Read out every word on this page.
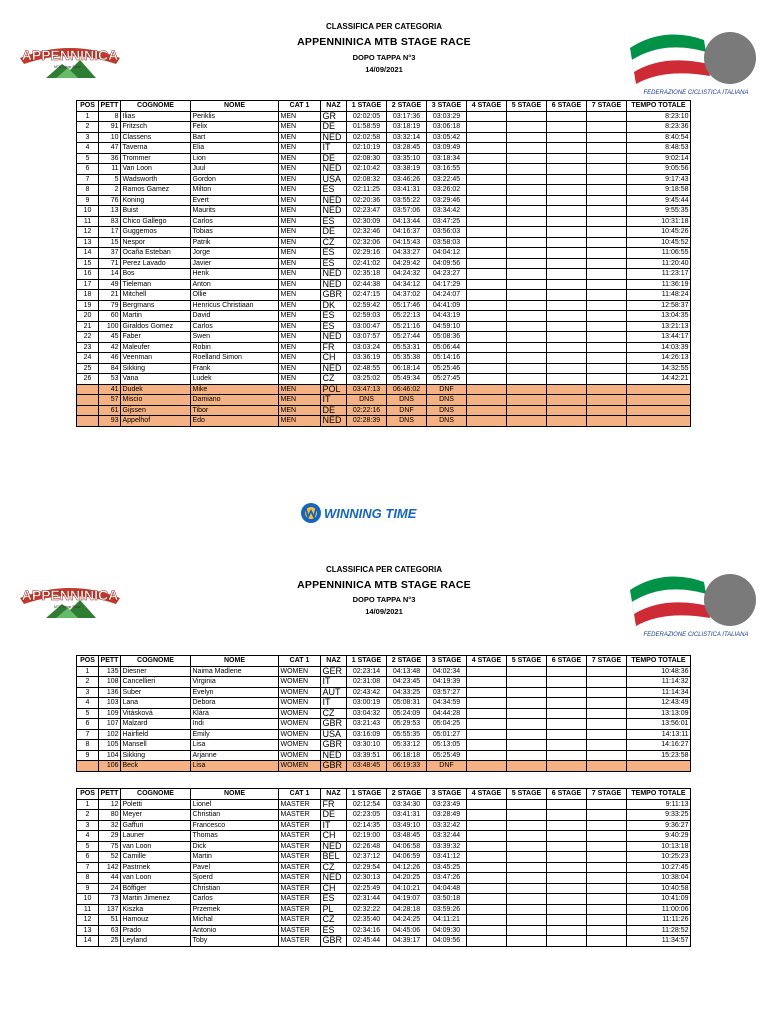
CLASSIFICA PER CATEGORIA
APPENNINICA MTB STAGE RACE
DOPO TAPPA N°3
14/09/2021
APPENNINICA
MTB Stage Race
FEDERAZIONE CICLISTICA ITALIANA
POS	PETT	COGNOME	NOME	CAT 1	NAZ	1 STAGE	2 STAGE	3 STAGE	4 STAGE	5 STAGE	6 STAGE	7 STAGE	TEMPO TOTALE
1	8	Ilias	Periklis	MEN	GR	02:02:05	03:17:36	03:03:29					8:23:10
2	91	Fritzsch	Felix	MEN	DE	01:58:59	03:18:19	03:06:18					8:23:36
3	10	Classens	Bart	MEN	NED	02:02:58	03:32:14	03:05:42					8:40:54
4	47	Taverna	Elia	MEN	IT	02:10:19	03:28:45	03:09:49					8:48:53
5	36	Trommer	Lion	MEN	DE	02:08:30	03:35:10	03:18:34					9:02:14
6	11	Van Loon	Juul	MEN	NED	02:10:42	03:38:19	03:16:55					9:05:56
7	5	Wadsworth	Gordon	MEN	USA	02:08:32	03:46:26	03:22:45					9:17:43
8	2	Ramos Gamez	Milton	MEN	ES	02:11:25	03:41:31	03:26:02					9:18:58
9	76	Koning	Evert	MEN	NED	02:20:36	03:55:22	03:29:46					9:45:44
10	13	Buist	Maurits	MEN	NED	02:23:47	03:57:06	03:34:42					9:55:35
11	83	Chico Gallego	Carlos	MEN	ES	02:30:09	04:13:44	03:47:25					10:31:18
12	17	Guggemos	Tobias	MEN	DE	02:32:46	04:16:37	03:56:03					10:45:26
13	15	Nespor	Patrik	MEN	CZ	02:32:06	04:15:43	03:58:03					10:45:52
14	37	Ocaña Esteban	Jorge	MEN	ES	02:29:16	04:33:27	04:04:12					11:06:55
15	71	Perez Lavado	Javier	MEN	ES	02:41:02	04:29:42	04:09:56					11:20:40
16	14	Bos	Henk	MEN	NED	02:35:18	04:24:32	04:23:27					11:23:17
17	49	Tieleman	Anton	MEN	NED	02:44:38	04:34:12	04:17:29					11:36:19
18	21	Mitchell	Ollie	MEN	GBR	02:47:15	04:37:02	04:24:07					11:48:24
19	79	Bergmans	Henricus Christiaan	MEN	DK	02:59:42	05:17:46	04:41:09					12:58:37
20	60	Martin	David	MEN	ES	02:59:03	05:22:13	04:43:19					13:04:35
21	100	Giraldos Gomez	Carlos	MEN	ES	03:00:47	05:21:16	04:59:10					13:21:13
22	45	Faber	Swen	MEN	NED	03:07:57	05:27:44	05:08:36					13:44:17
23	42	Maleufer	Robin	MEN	FR	03:03:24	05:53:31	05:06:44					14:03:39
24	46	Veenman	Roelland Simon	MEN	CH	03:36:19	05:35:38	05:14:16					14:26:13
25	84	Sikking	Frank	MEN	NED	02:48:55	06:18:14	05:25:46					14:32:55
26	53	Vana	Ludek	MEN	CZ	03:25:02	05:49:34	05:27:45					14:42:21
	41	Dudek	Mike	MEN	POL	03:47:13	06:46:02	DNF					
	57	Miscio	Damiano	MEN	IT	DNS	DNS	DNS					
	61	Gijssen	Tibor	MEN	DE	02:22:16	DNF	DNS					
	93	Appelhof	Edo	MEN	NED	02:28:39	DNS	DNS					
WINNING TIME
CLASSIFICA PER CATEGORIA
APPENNINICA MTB STAGE RACE
DOPO TAPPA N°3
14/09/2021
APPENNINICA
MTB Stage Race
FEDERAZIONE CICLISTICA ITALIANA
POS	PETT	COGNOME	NOME	CAT 1	NAZ	1 STAGE	2 STAGE	3 STAGE	4 STAGE	5 STAGE	6 STAGE	7 STAGE	TEMPO TOTALE
1	135	Diesner	Naima Madlene	WOMEN	GER	02:23:14	04:13:48	04:02:34					10:48:36
2	108	Cancellieri	Virginia	WOMEN	IT	02:31:08	04:23:45	04:19:39					11:14:32
3	136	Suber	Evelyn	WOMEN	AUT	02:43:42	04:33:25	03:57:27					11:14:34
4	103	Lana	Debora	WOMEN	IT	03:00:19	05:08:31	04:34:59					12:43:49
5	109	Vitásková	Klára	WOMEN	CZ	03:04:32	05:24:09	04:44:28					13:13:09
6	107	Malzard	Indi	WOMEN	GBR	03:21:43	05:29:53	05:04:25					13:56:01
7	102	Hairfield	Emily	WOMEN	USA	03:16:09	05:55:35	05:01:27					14:13:11
8	105	Mansell	Lisa	WOMEN	GBR	03:30:10	05:33:12	05:13:05					14:16:27
9	104	Sikking	Arjanne	WOMEN	NED	03:39:51	06:18:18	05:25:49					15:23:58
	106	Beck	Lisa	WOMEN	GBR	03:48:45	06:19:33	DNF					
POS	PETT	COGNOME	NOME	CAT 1	NAZ	1 STAGE	2 STAGE	3 STAGE	4 STAGE	5 STAGE	6 STAGE	7 STAGE	TEMPO TOTALE
1	12	Poletti	Lionel	MASTER	FR	02:12:54	03:34:30	03:23:49					9:11:13
2	80	Meyer	Christian	MASTER	DE	02:23:05	03:41:31	03:28:49					9:33:25
3	32	Gaffuri	Francesco	MASTER	IT	02:14:35	03:49:10	03:32:42					9:36:27
4	29	Launer	Thomas	MASTER	CH	02:19:00	03:48:45	03:32:44					9:40:29
5	75	van Loon	Dick	MASTER	NED	02:26:48	04:06:58	03:39:32					10:13:18
6	52	Camille	Martin	MASTER	BEL	02:37:12	04:06:59	03:41:12					10:25:23
7	142	Pastrnek	Pavel	MASTER	CZ	02:29:54	04:12:26	03:45:25					10:27:45
8	44	van Loon	Sjoerd	MASTER	NED	02:30:13	04:20:25	03:47:26					10:38:04
9	24	Böffiger	Christian	MASTER	CH	02:25:49	04:10:21	04:04:48					10:40:58
10	73	Martin Jimenez	Carlos	MASTER	ES	02:31:44	04:19:07	03:50:18					10:41:09
11	137	Kiszka	Przemek	MASTER	PL	02:32:22	04:28:18	03:59:26					11:00:06
12	51	Hamouz	Michal	MASTER	CZ	02:35:40	04:24:25	04:11:21					11:11:26
13	63	Prado	Antonio	MASTER	ES	02:34:16	04:45:06	04:09:30					11:28:52
14	25	Leyland	Toby	MASTER	GBR	02:45:44	04:39:17	04:09:56					11:34:57
